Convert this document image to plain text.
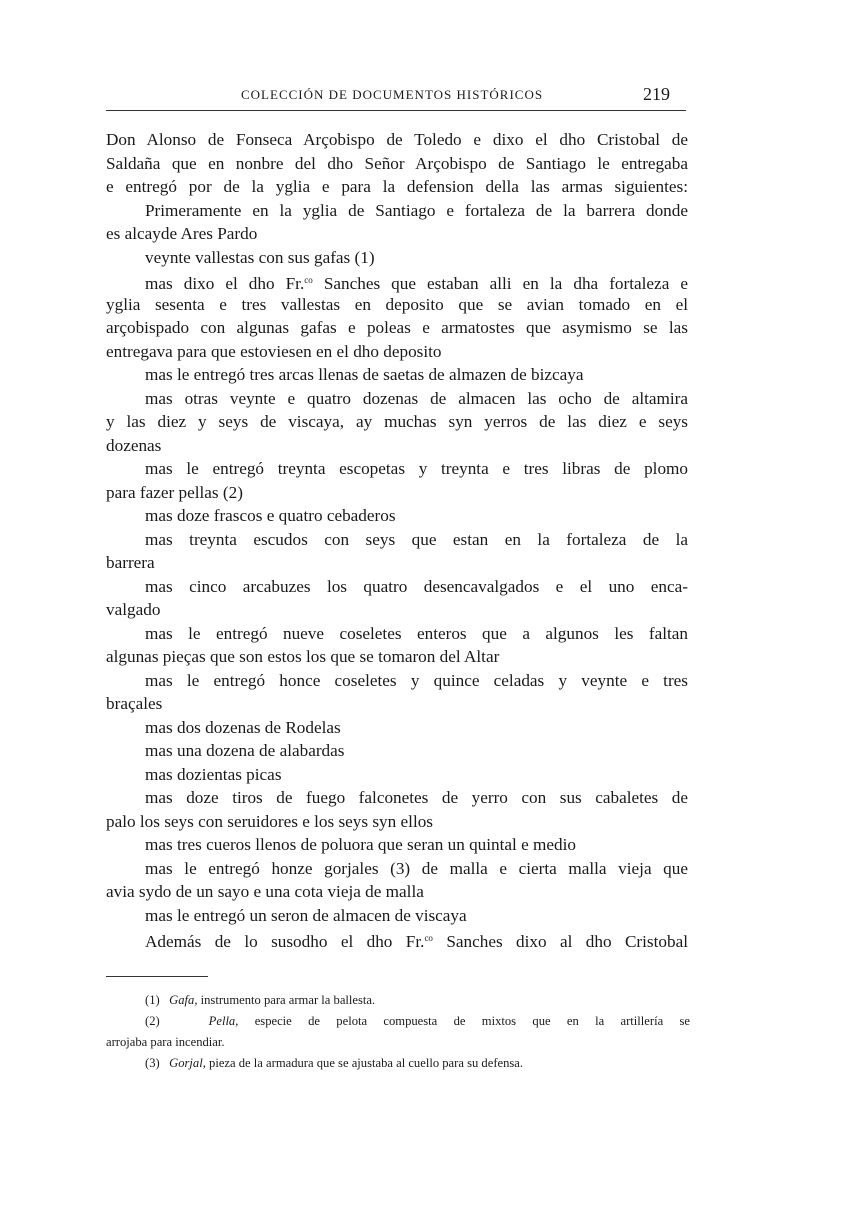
COLECCIÓN DE DOCUMENTOS HISTÓRICOS	219
Don Alonso de Fonseca Arçobispo de Toledo e dixo el dho Cristobal de
Saldaña que en nonbre del dho Señor Arçobispo de Santiago le entregaba
e entregó por de la yglia e para la defension della las armas siguientes:
Primeramente en la yglia de Santiago e fortaleza de la barrera donde
es alcayde Ares Pardo
veynte vallestas con sus gafas (1)
mas dixo el dho Fr.$^{co}$ Sanches que estaban alli en la dha fortaleza e
yglia sesenta e tres vallestas en deposito que se avian tomado en el
arçobispado con algunas gafas e poleas e armatostes que asymismo se las
entregava para que estoviesen en el dho deposito
mas le entregó tres arcas llenas de saetas de almazen de bizcaya
mas otras veynte e quatro dozenas de almacen las ocho de altamira
y las diez y seys de viscaya, ay muchas syn yerros de las diez e seys
dozenas
mas le entregó treynta escopetas y treynta e tres libras de plomo
para fazer pellas (2)
mas doze frascos e quatro cebaderos
mas treynta escudos con seys que estan en la fortaleza de la
barrera
mas cinco arcabuzes los quatro desencavalgados e el uno enca-
valgado
mas le entregó nueve coseletes enteros que a algunos les faltan
algunas pieças que son estos los que se tomaron del Altar
mas le entregó honce coseletes y quince celadas y veynte e tres
braçales
mas dos dozenas de Rodelas
mas una dozena de alabardas
mas dozientas picas
mas doze tiros de fuego falconetes de yerro con sus cabaletes de
palo los seys con seruidores e los seys syn ellos
mas tres cueros llenos de poluora que seran un quintal e medio
mas le entregó honze gorjales (3) de malla e cierta malla vieja que
avia sydo de un sayo e una cota vieja de malla
mas le entregó un seron de almacen de viscaya
Además de lo susodho el dho Fr.$^{co}$ Sanches dixo al dho Cristobal
(1) Gafa, instrumento para armar la ballesta.
(2)	Pella, especie de pelota compuesta de mixtos que en la artillería se
arrojaba para incendiar.
(3) Gorjal, pieza de la armadura que se ajustaba al cuello para su defensa.
